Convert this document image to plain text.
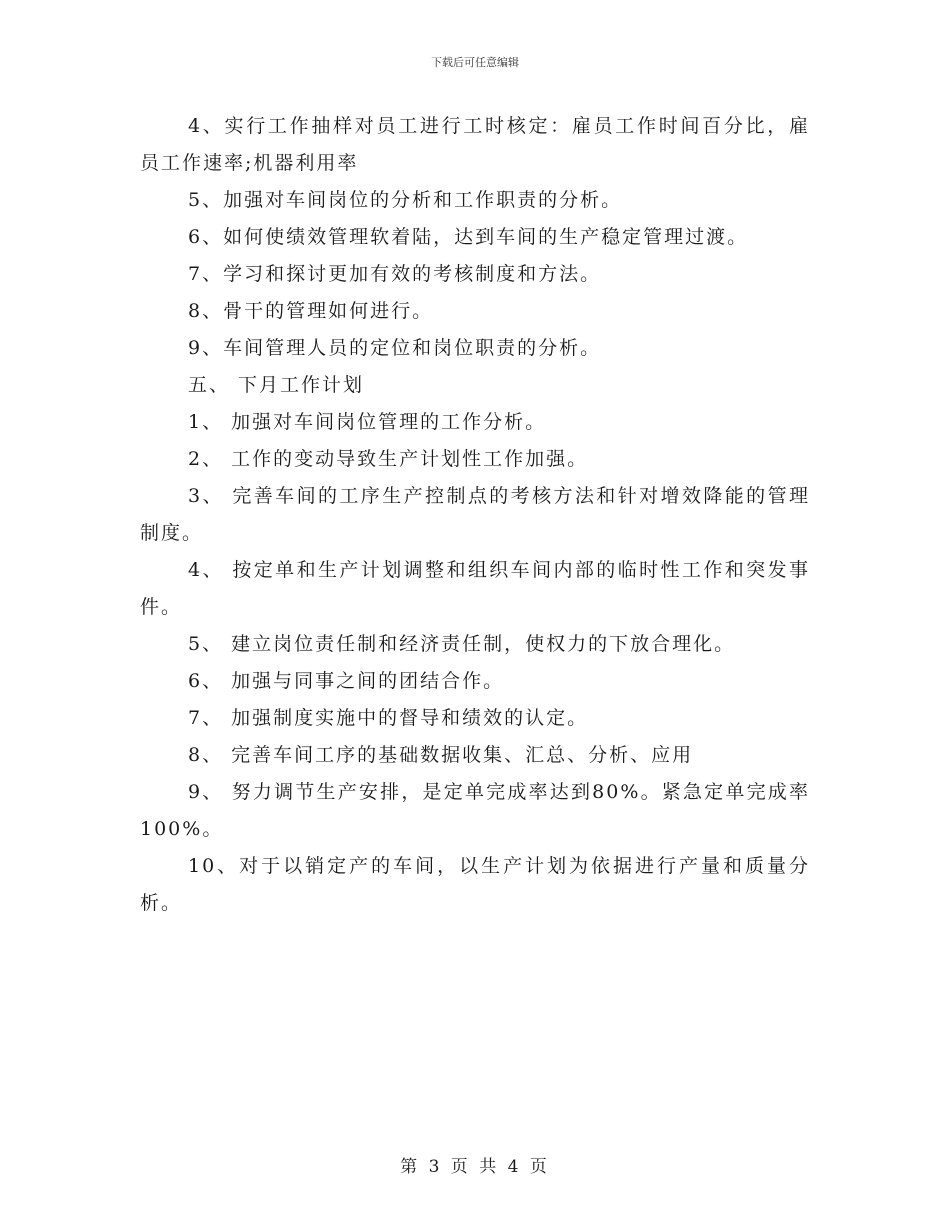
下载后可任意编辑

4、实行工作抽样对员工进行工时核定：雇员工作时间百分比，雇员工作速率;机器利用率

5、加强对车间岗位的分析和工作职责的分析。

6、如何使绩效管理软着陆，达到车间的生产稳定管理过渡。

7、学习和探讨更加有效的考核制度和方法。

8、骨干的管理如何进行。

9、车间管理人员的定位和岗位职责的分析。

五、 下月工作计划

1、 加强对车间岗位管理的工作分析。

2、 工作的变动导致生产计划性工作加强。

3、 完善车间的工序生产控制点的考核方法和针对增效降能的管理制度。

4、 按定单和生产计划调整和组织车间内部的临时性工作和突发事件。

5、 建立岗位责任制和经济责任制，使权力的下放合理化。

6、 加强与同事之间的团结合作。

7、 加强制度实施中的督导和绩效的认定。

8、 完善车间工序的基础数据收集、汇总、分析、应用

9、 努力调节生产安排，是定单完成率达到80%。紧急定单完成率100%。

10、对于以销定产的车间，以生产计划为依据进行产量和质量分析。

第 3 页 共 4 页
